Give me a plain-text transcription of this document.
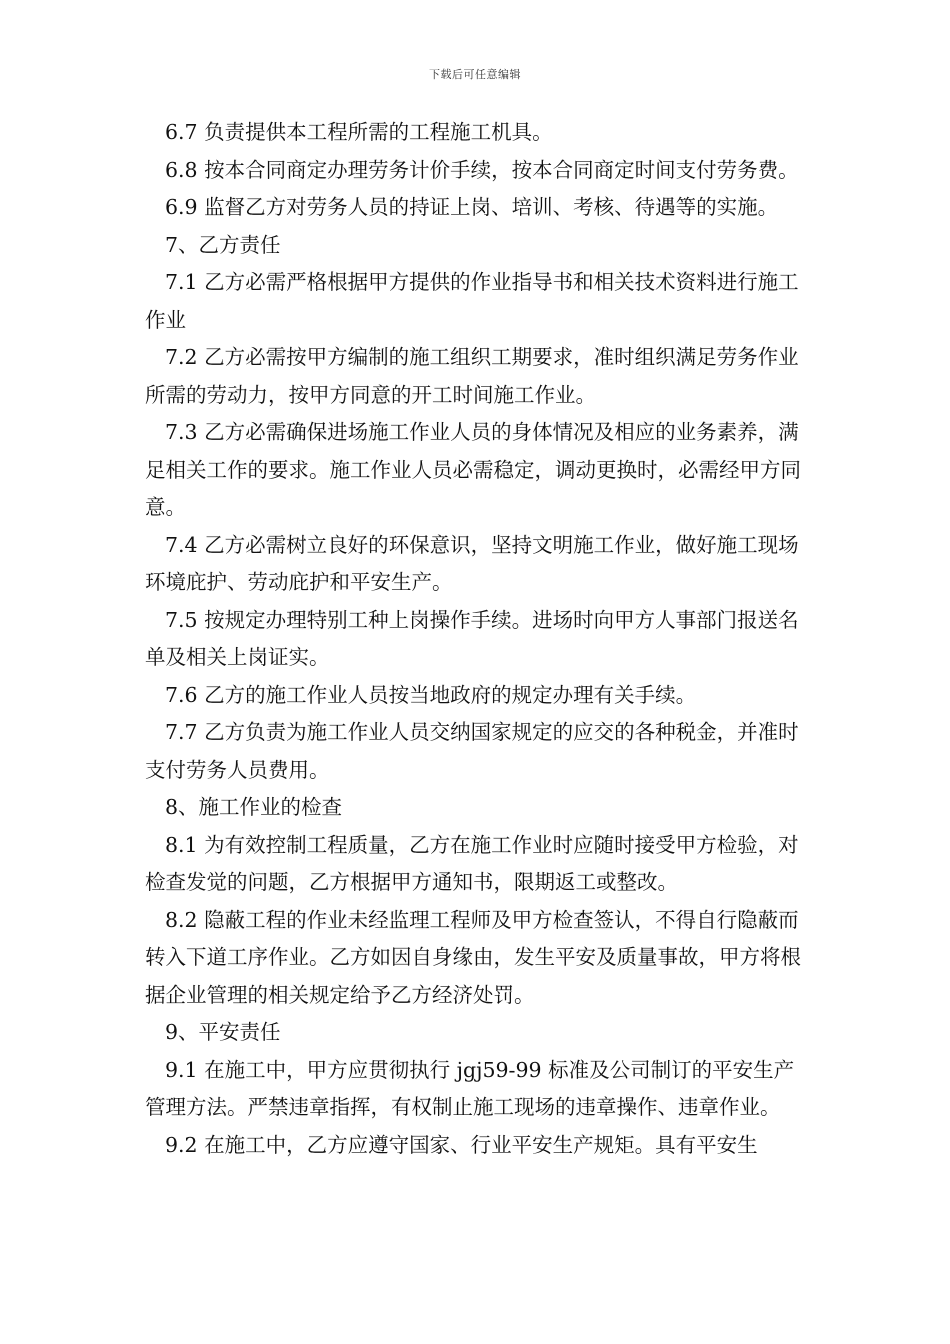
下载后可任意编辑

6.7 负责提供本工程所需的工程施工机具。

6.8 按本合同商定办理劳务计价手续，按本合同商定时间支付劳务费。

6.9 监督乙方对劳务人员的持证上岗、培训、考核、待遇等的实施。

7、乙方责任

7.1 乙方必需严格根据甲方提供的作业指导书和相关技术资料进行施工作业

7.2 乙方必需按甲方编制的施工组织工期要求，准时组织满足劳务作业所需的劳动力，按甲方同意的开工时间施工作业。

7.3 乙方必需确保进场施工作业人员的身体情况及相应的业务素养，满足相关工作的要求。施工作业人员必需稳定，调动更换时，必需经甲方同意。

7.4 乙方必需树立良好的环保意识，坚持文明施工作业，做好施工现场环境庇护、劳动庇护和平安生产。

7.5 按规定办理特别工种上岗操作手续。进场时向甲方人事部门报送名单及相关上岗证实。

7.6 乙方的施工作业人员按当地政府的规定办理有关手续。

7.7 乙方负责为施工作业人员交纳国家规定的应交的各种税金，并准时支付劳务人员费用。

8、施工作业的检查

8.1 为有效控制工程质量，乙方在施工作业时应随时接受甲方检验，对检查发觉的问题，乙方根据甲方通知书，限期返工或整改。

8.2 隐蔽工程的作业未经监理工程师及甲方检查签认，不得自行隐蔽而转入下道工序作业。乙方如因自身缘由，发生平安及质量事故，甲方将根据企业管理的相关规定给予乙方经济处罚。

9、平安责任

9.1 在施工中，甲方应贯彻执行 jgj59-99 标准及公司制订的平安生产管理方法。严禁违章指挥，有权制止施工现场的违章操作、违章作业。

9.2 在施工中，乙方应遵守国家、行业平安生产规矩。具有平安生
